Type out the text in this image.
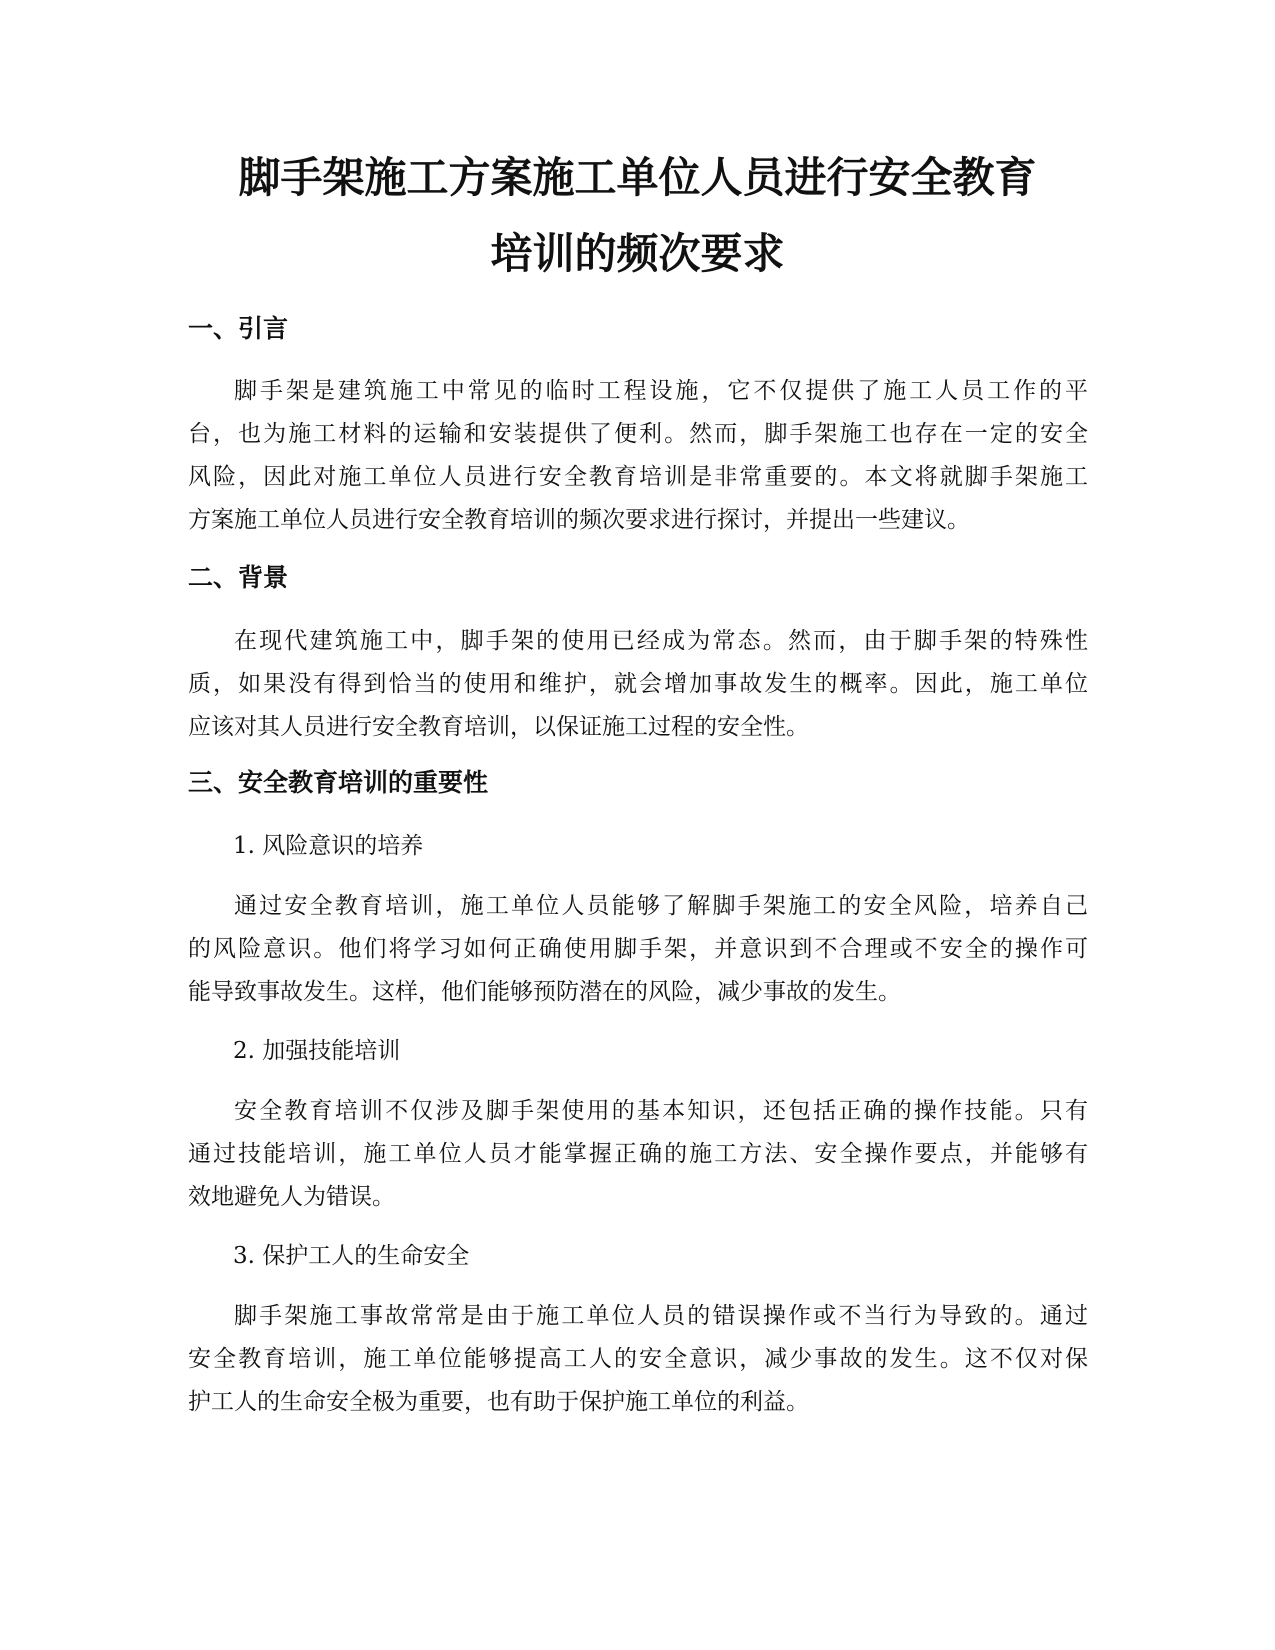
脚手架施工方案施工单位人员进行安全教育
培训的频次要求
一、引言
脚手架是建筑施工中常见的临时工程设施，它不仅提供了施工人员工作的平
台，也为施工材料的运输和安装提供了便利。然而，脚手架施工也存在一定的安全
风险，因此对施工单位人员进行安全教育培训是非常重要的。本文将就脚手架施工
方案施工单位人员进行安全教育培训的频次要求进行探讨，并提出一些建议。
二、背景
在现代建筑施工中，脚手架的使用已经成为常态。然而，由于脚手架的特殊性
质，如果没有得到恰当的使用和维护，就会增加事故发生的概率。因此，施工单位
应该对其人员进行安全教育培训，以保证施工过程的安全性。
三、安全教育培训的重要性

1. 风险意识的培养

通过安全教育培训，施工单位人员能够了解脚手架施工的安全风险，培养自己
的风险意识。他们将学习如何正确使用脚手架，并意识到不合理或不安全的操作可
能导致事故发生。这样，他们能够预防潜在的风险，减少事故的发生。

2. 加强技能培训

安全教育培训不仅涉及脚手架使用的基本知识，还包括正确的操作技能。只有
通过技能培训，施工单位人员才能掌握正确的施工方法、安全操作要点，并能够有
效地避免人为错误。

3. 保护工人的生命安全

脚手架施工事故常常是由于施工单位人员的错误操作或不当行为导致的。通过
安全教育培训，施工单位能够提高工人的安全意识，减少事故的发生。这不仅对保
护工人的生命安全极为重要，也有助于保护施工单位的利益。
